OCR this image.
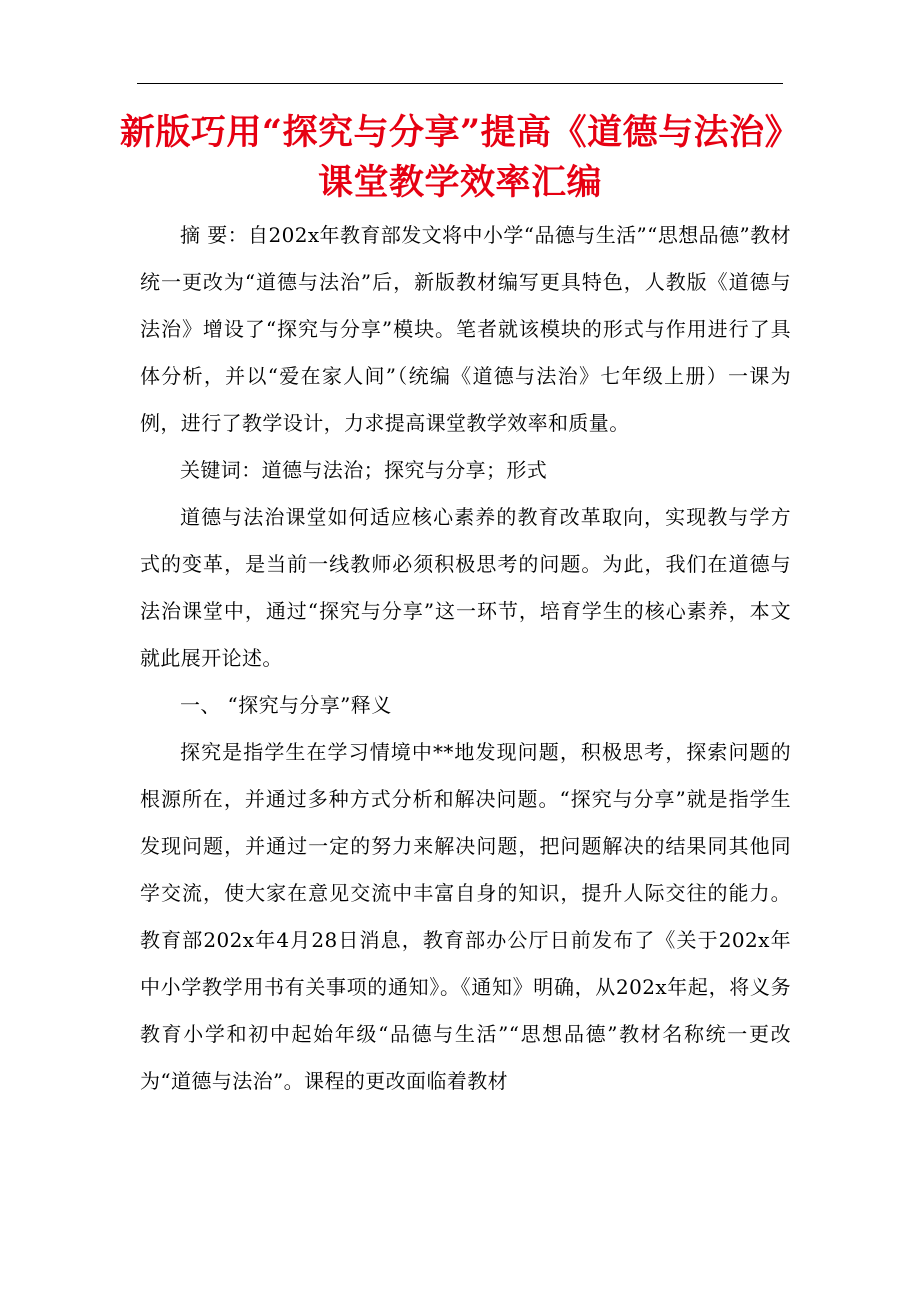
新版巧用“探究与分享”提高《道德与法治》
课堂教学效率汇编

摘 要：自202x年教育部发文将中小学“品德与生活”“思想品德”教材统一更改为“道德与法治”后，新版教材编写更具特色，人教版《道德与法治》增设了“探究与分享”模块。笔者就该模块的形式与作用进行了具体分析，并以“爱在家人间”（统编《道德与法治》七年级上册）一课为例，进行了教学设计，力求提高课堂教学效率和质量。

关键词：道德与法治；探究与分享；形式

道德与法治课堂如何适应核心素养的教育改革取向，实现教与学方式的变革，是当前一线教师必须积极思考的问题。为此，我们在道德与法治课堂中，通过“探究与分享”这一环节，培育学生的核心素养，本文就此展开论述。

一、 “探究与分享”释义

探究是指学生在学习情境中**地发现问题，积极思考，探索问题的根源所在，并通过多种方式分析和解决问题。“探究与分享”就是指学生发现问题，并通过一定的努力来解决问题，把问题解决的结果同其他同学交流，使大家在意见交流中丰富自身的知识，提升人际交往的能力。教育部202x年4月28日消息，教育部办公厅日前发布了《关于202x年中小学教学用书有关事项的通知》。《通知》明确，从202x年起，将义务教育小学和初中起始年级“品德与生活”“思想品德”教材名称统一更改为“道德与法治”。课程的更改面临着教材
